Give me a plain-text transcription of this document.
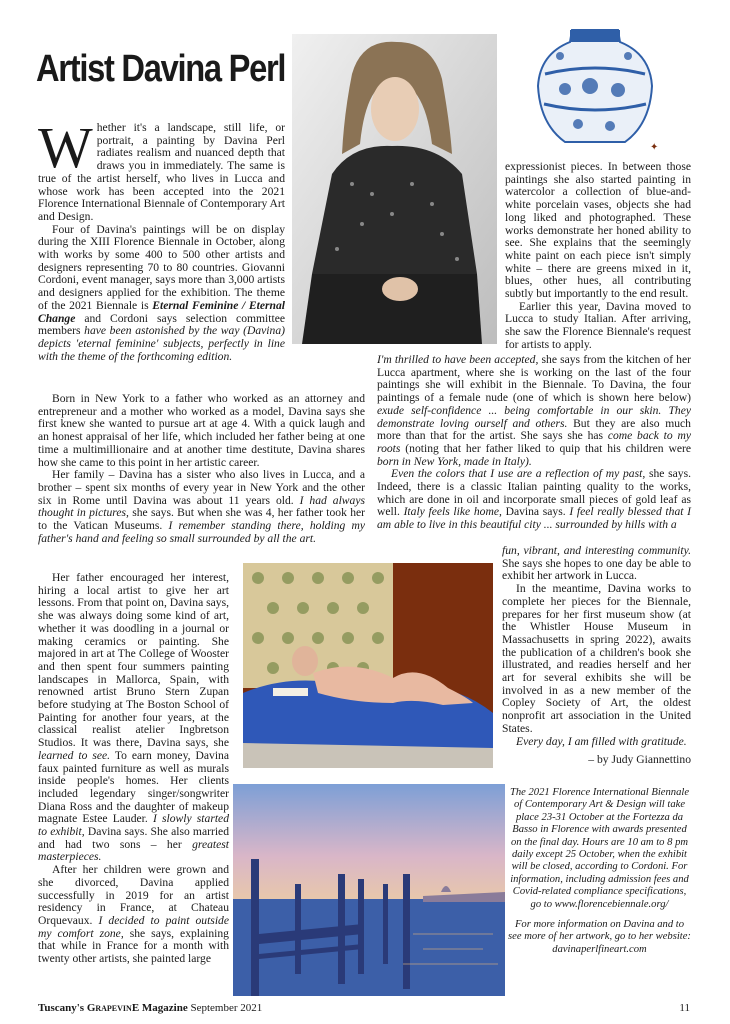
Artist Davina Perl
✦

Whether it's a landscape, still life, or portrait, a painting by Davina Perl radiates realism and nuanced depth that draws you in immediately. The same is true of the artist herself, who lives in Lucca and whose work has been accepted into the 2021 Florence International Biennale of Contemporary Art and Design.

Four of Davina's paintings will be on display during the XIII Florence Biennale in October, along with works by some 400 to 500 other artists and designers representing 70 to 80 countries. Giovanni Cordoni, event manager, says more than 3,000 artists and designers applied for the exhibition. The theme of the 2021 Biennale is Eternal Feminine / Eternal Change and Cordoni says selection committee members have been astonished by the way (Davina) depicts 'eternal feminine' subjects, perfectly in line with the theme of the forthcoming edition.

Born in New York to a father who worked as an attorney and entrepreneur and a mother who worked as a model, Davina says she first knew she wanted to pursue art at age 4. With a quick laugh and an honest appraisal of her life, which included her father being at one time a multimillionaire and at another time destitute, Davina shares how she came to this point in her artistic career.

Her family – Davina has a sister who also lives in Lucca, and a brother – spent six months of every year in New York and the other six in Rome until Davina was about 11 years old. I had always thought in pictures, she says. But when she was 4, her father took her to the Vatican Museums. I remember standing there, holding my father's hand and feeling so small surrounded by all the art.

Her father encouraged her interest, hiring a local artist to give her art lessons. From that point on, Davina says, she was always doing some kind of art, whether it was doodling in a journal or making ceramics or painting. She majored in art at The College of Wooster and then spent four summers painting landscapes in Mallorca, Spain, with renowned artist Bruno Stern Zupan before studying at The Boston School of Painting for another four years, at the classical realist atelier Ingbretson Studios. It was there, Davina says, she learned to see. To earn money, Davina faux painted furniture as well as murals inside people's homes. Her clients included legendary singer/songwriter Diana Ross and the daughter of makeup magnate Estee Lauder. I slowly started to exhibit, Davina says. She also married and had two sons – her greatest masterpieces.

After her children were grown and she divorced, Davina applied successfully in 2019 for an artist residency in France, at Chateau Orquevaux. I decided to paint outside my comfort zone, she says, explaining that while in France for a month with twenty other artists, she painted large

expressionist pieces. In between those paintings she also started painting in watercolor a collection of blue-and-white porcelain vases, objects she had long liked and photographed. These works demonstrate her honed ability to see. She explains that the seemingly white paint on each piece isn't simply white – there are greens mixed in it, blues, other hues, all contributing subtly but importantly to the end result.

Earlier this year, Davina moved to Lucca to study Italian. After arriving, she saw the Florence Biennale's request for artists to apply.

I'm thrilled to have been accepted, she says from the kitchen of her Lucca apartment, where she is working on the last of the four paintings she will exhibit in the Biennale. To Davina, the four paintings of a female nude (one of which is shown here below) exude self-confidence ... being comfortable in our skin. They demonstrate loving ourself and others. But they are also much more than that for the artist. She says she has come back to my roots (noting that her father liked to quip that his children were born in New York, made in Italy).

Even the colors that I use are a reflection of my past, she says. Indeed, there is a classic Italian painting quality to the works, which are done in oil and incorporate small pieces of gold leaf as well. Italy feels like home, Davina says. I feel really blessed that I am able to live in this beautiful city ... surrounded by hills with a

fun, vibrant, and interesting community. She says she hopes to one day be able to exhibit her artwork in Lucca.

In the meantime, Davina works to complete her pieces for the Biennale, prepares for her first museum show (at the Whistler House Museum in Massachusetts in spring 2022), awaits the publication of a children's book she illustrated, and readies herself and her art for several exhibits she will be involved in as a new member of the Copley Society of Art, the oldest nonprofit art association in the United States.

Every day, I am filled with gratitude.

– by Judy Giannettino

The 2021 Florence International Biennale of Contemporary Art & Design will take place 23-31 October at the Fortezza da Basso in Florence with awards presented on the final day. Hours are 10 am to 8 pm daily except 25 October, when the exhibit will be closed, according to Cordoni. For information, including admission fees and Covid-related compliance specifications, go to www.florencebiennale.org/

For more information on Davina and to see more of her artwork, go to her website: davinaperlfineart.com

Tuscany's GrapevinE Magazine September 2021	11
